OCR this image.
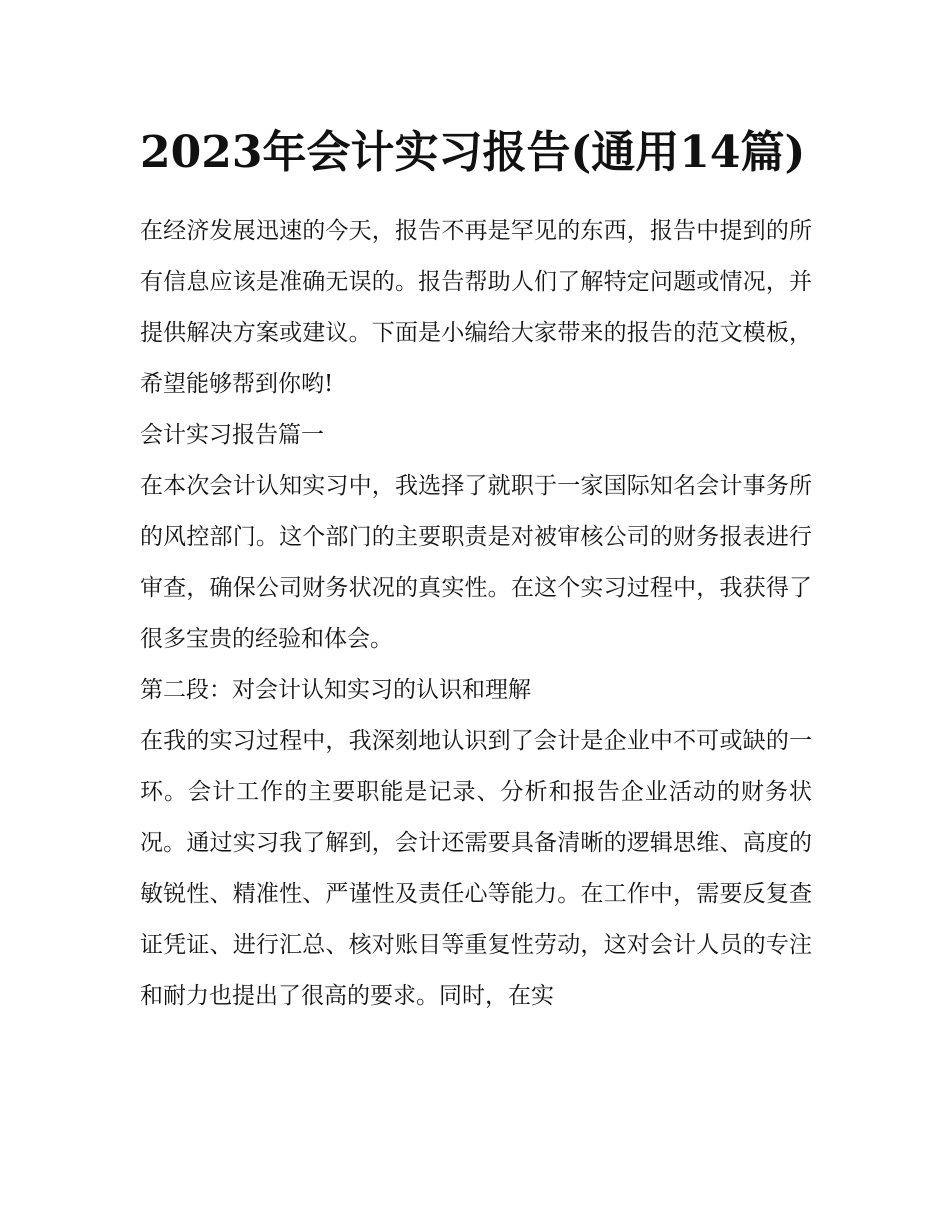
2023年会计实习报告(通用14篇)

在经济发展迅速的今天，报告不再是罕见的东西，报告中提到的所有信息应该是准确无误的。报告帮助人们了解特定问题或情况，并提供解决方案或建议。下面是小编给大家带来的报告的范文模板，希望能够帮到你哟!

会计实习报告篇一

在本次会计认知实习中，我选择了就职于一家国际知名会计事务所的风控部门。这个部门的主要职责是对被审核公司的财务报表进行审查，确保公司财务状况的真实性。在这个实习过程中，我获得了很多宝贵的经验和体会。

第二段：对会计认知实习的认识和理解

在我的实习过程中，我深刻地认识到了会计是企业中不可或缺的一环。会计工作的主要职能是记录、分析和报告企业活动的财务状况。通过实习我了解到，会计还需要具备清晰的逻辑思维、高度的敏锐性、精准性、严谨性及责任心等能力。在工作中，需要反复查证凭证、进行汇总、核对账目等重复性劳动，这对会计人员的专注和耐力也提出了很高的要求。同时，在实
